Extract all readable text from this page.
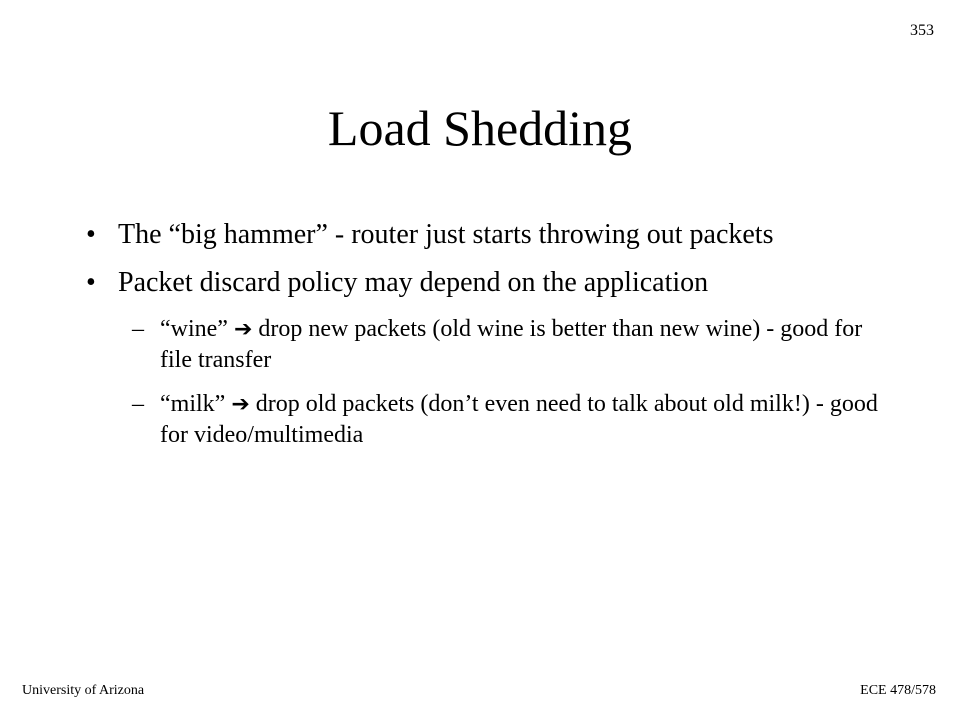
353
Load Shedding
• The “big hammer” - router just starts throwing out packets
• Packet discard policy may depend on the application
– “wine” ➔ drop new packets (old wine is better than new wine) - good for file transfer
– “milk” ➔ drop old packets (don’t even need to talk about old milk!) - good for video/multimedia
University of Arizona	ECE 478/578
